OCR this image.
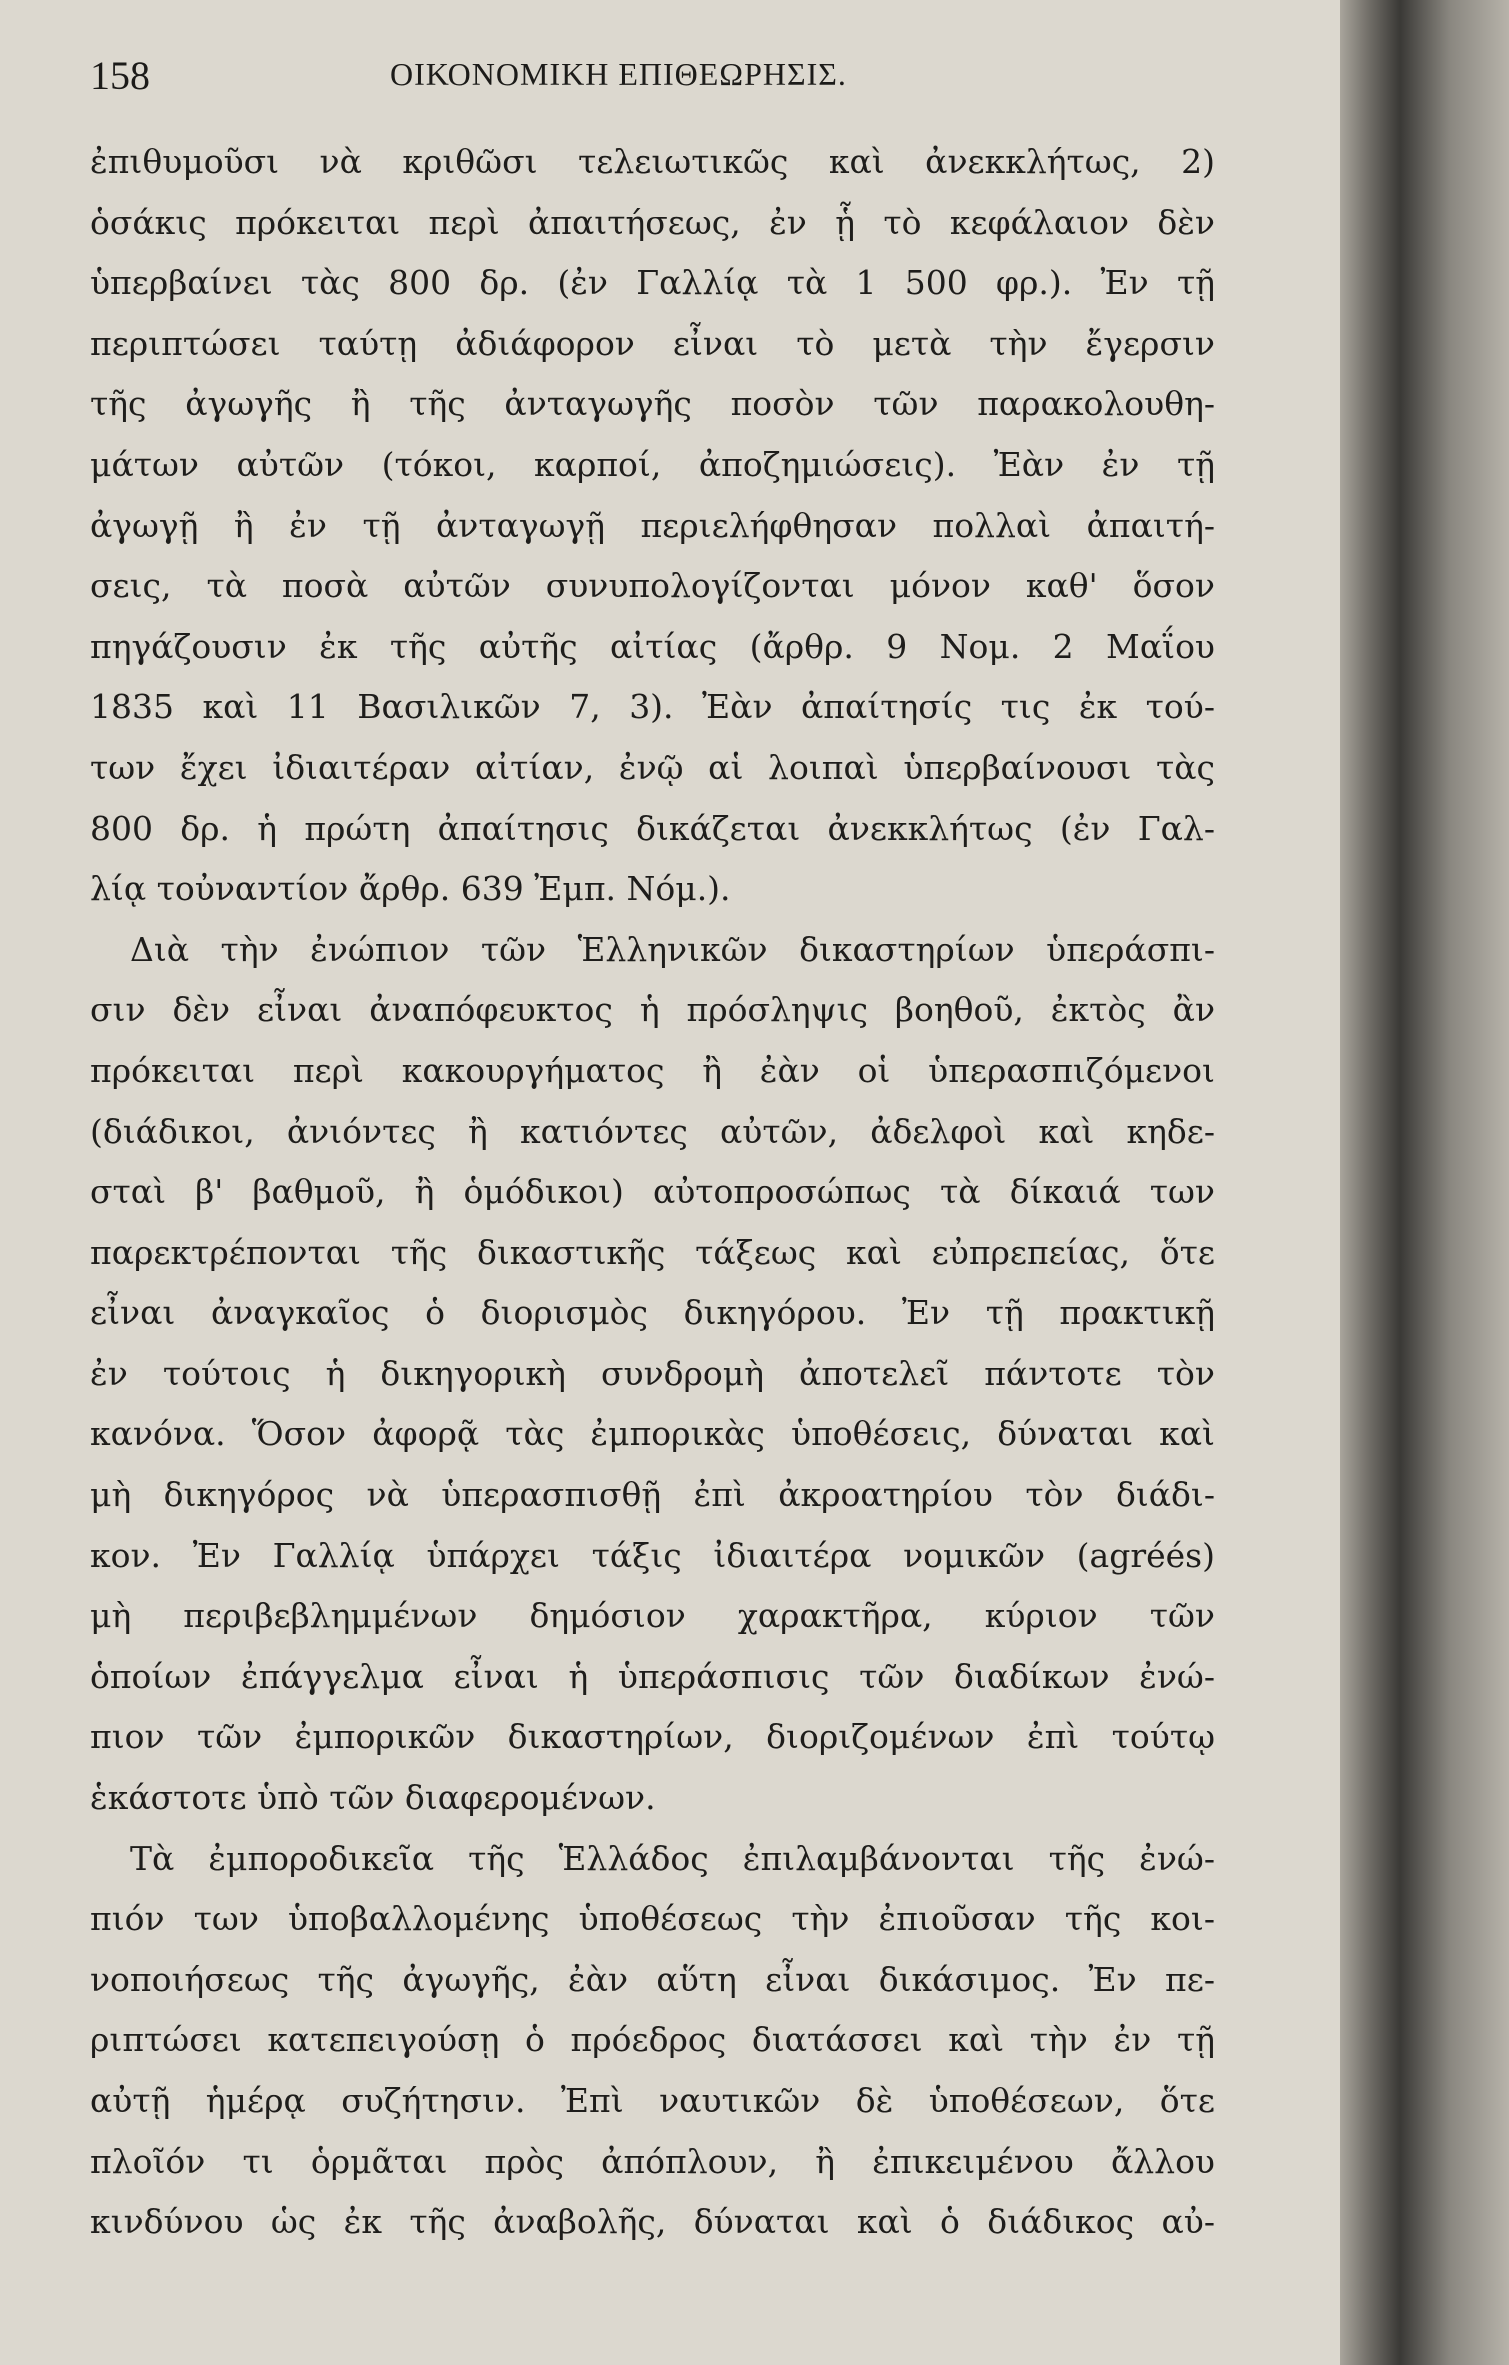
158	ΟΙΚΟΝΟΜΙΚΗ ΕΠΙΘΕΩΡΗΣΙΣ.
ἐπιθυμοῦσι νὰ κριθῶσι τελειωτικῶς καὶ ἀνεκκλήτως, 2)
ὁσάκις πρόκειται περὶ ἀπαιτήσεως, ἐν ᾗ τὸ κεφάλαιον δὲν
ὑπερβαίνει τὰς 800 δρ. (ἐν Γαλλίᾳ τὰ 1 500 φρ.). Ἐν τῇ
περιπτώσει ταύτῃ ἀδιάφορον εἶναι τὸ μετὰ τὴν ἔγερσιν
τῆς ἀγωγῆς ἢ τῆς ἀνταγωγῆς ποσὸν τῶν παρακολουθη-
μάτων αὐτῶν (τόκοι, καρποί, ἀποζημιώσεις). Ἐὰν ἐν τῇ
ἀγωγῇ ἢ ἐν τῇ ἀνταγωγῇ περιελήφθησαν πολλαὶ ἀπαιτή-
σεις, τὰ ποσὰ αὐτῶν συνυπολογίζονται μόνον καθ' ὅσον
πηγάζουσιν ἐκ τῆς αὐτῆς αἰτίας (ἄρθρ. 9 Νομ. 2 Μαΐου
1835 καὶ 11 Βασιλικῶν 7, 3). Ἐὰν ἀπαίτησίς τις ἐκ τού-
των ἔχει ἰδιαιτέραν αἰτίαν, ἐνῷ αἱ λοιπαὶ ὑπερβαίνουσι τὰς
800 δρ. ἡ πρώτη ἀπαίτησις δικάζεται ἀνεκκλήτως (ἐν Γαλ-
λίᾳ τοὐναντίον ἄρθρ. 639 Ἐμπ. Νόμ.).
Διὰ τὴν ἐνώπιον τῶν Ἑλληνικῶν δικαστηρίων ὑπεράσπι-
σιν δὲν εἶναι ἀναπόφευκτος ἡ πρόσληψις βοηθοῦ, ἐκτὸς ἂν
πρόκειται περὶ κακουργήματος ἢ ἐὰν οἱ ὑπερασπιζόμενοι
(διάδικοι, ἀνιόντες ἢ κατιόντες αὐτῶν, ἀδελφοὶ καὶ κηδε-
σταὶ β' βαθμοῦ, ἢ ὁμόδικοι) αὐτοπροσώπως τὰ δίκαιά των
παρεκτρέπονται τῆς δικαστικῆς τάξεως καὶ εὐπρεπείας, ὅτε
εἶναι ἀναγκαῖος ὁ διορισμὸς δικηγόρου. Ἐν τῇ πρακτικῇ
ἐν τούτοις ἡ δικηγορικὴ συνδρομὴ ἀποτελεῖ πάντοτε τὸν
κανόνα. Ὅσον ἀφορᾷ τὰς ἐμπορικὰς ὑποθέσεις, δύναται καὶ
μὴ δικηγόρος νὰ ὑπερασπισθῇ ἐπὶ ἀκροατηρίου τὸν διάδι-
κον. Ἐν Γαλλίᾳ ὑπάρχει τάξις ἰδιαιτέρα νομικῶν (agréés)
μὴ περιβεβλημμένων δημόσιον χαρακτῆρα, κύριον τῶν
ὁποίων ἐπάγγελμα εἶναι ἡ ὑπεράσπισις τῶν διαδίκων ἐνώ-
πιον τῶν ἐμπορικῶν δικαστηρίων, διοριζομένων ἐπὶ τούτῳ
ἑκάστοτε ὑπὸ τῶν διαφερομένων.
Τὰ ἐμποροδικεῖα τῆς Ἑλλάδος ἐπιλαμβάνονται τῆς ἐνώ-
πιόν των ὑποβαλλομένης ὑποθέσεως τὴν ἐπιοῦσαν τῆς κοι-
νοποιήσεως τῆς ἀγωγῆς, ἐὰν αὕτη εἶναι δικάσιμος. Ἐν πε-
ριπτώσει κατεπειγούσῃ ὁ πρόεδρος διατάσσει καὶ τὴν ἐν τῇ
αὐτῇ ἡμέρᾳ συζήτησιν. Ἐπὶ ναυτικῶν δὲ ὑποθέσεων, ὅτε
πλοῖόν τι ὁρμᾶται πρὸς ἀπόπλουν, ἢ ἐπικειμένου ἄλλου
κινδύνου ὡς ἐκ τῆς ἀναβολῆς, δύναται καὶ ὁ διάδικος αὐ-
